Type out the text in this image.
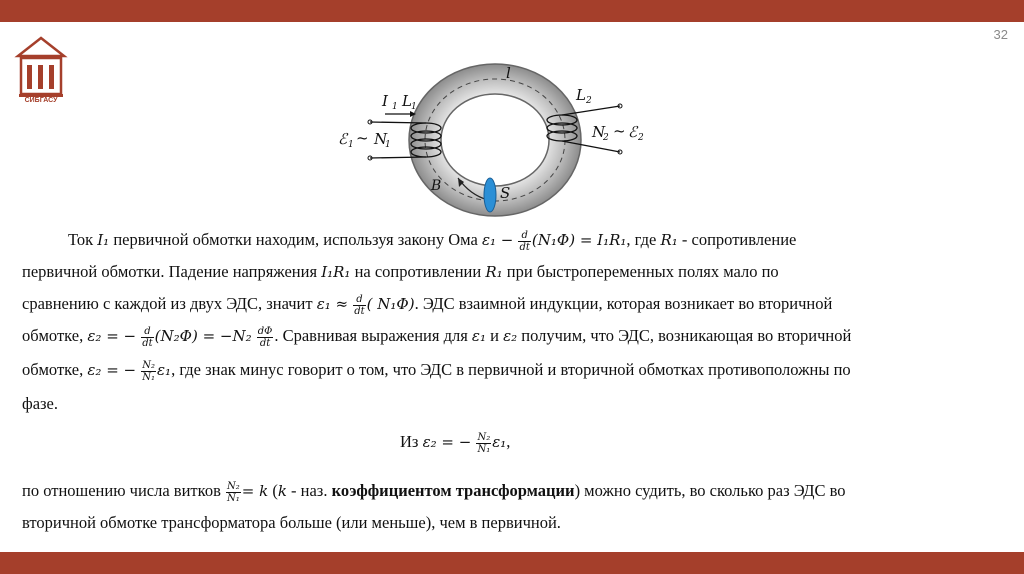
32
СИБГАСУ	I 1 L 1
ℰ 1 ~ N
1
l
L 2
N
2 ~ ℰ 2
B	S
Ток I₁ первичной обмотки находим, используя закону Ома $\varepsilon_1 - \frac{d}{dt} (N_1\Phi) = I_1R_1$, где R₁ - сопротивление
первичной обмотки. Падение напряжения I₁R₁ на сопротивлении R₁ при быстропеременных полях мало по
сравнению с каждой из двух ЭДС, значит $\varepsilon_1 \approx \frac{d}{dt}$ ( N₁Φ). ЭДС взаимной индукции, которая возникает во вторичной
обмотке, ε₂ = − $\frac{d}{dt} (N_2\Phi) = -N_2 \frac{d\Phi}{dt}$ . Сравнивая выражения для ε₁ и ε₂ получим, что ЭДС, возникающая во вторичной
обмотке, ε₂ = − $\frac{\text{N₂}}{\text{N₁}} \varepsilon_1$, где знак минус говорит о том, что ЭДС в первичной и вторичной обмотках противоположны по
фазе.
Из ε₂ = − $\frac{\text{N₂}}{\text{N₁}} \varepsilon_1$,
по отношению числа витков $\frac{\text{N₂}}{\text{N₁}} = k$ (k - наз. коэффициентом трансформации) можно судить, во сколько раз ЭДС во
вторичной обмотке трансформатора больше (или меньше), чем в первичной.
